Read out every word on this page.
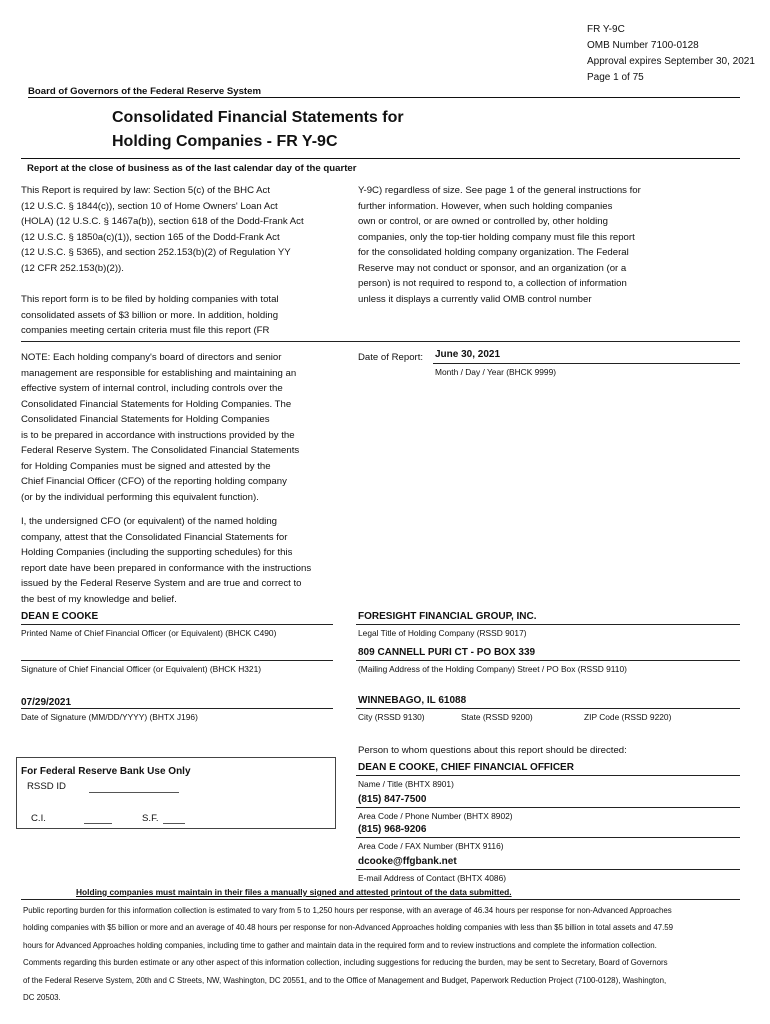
FR Y-9C
OMB Number 7100-0128
Approval expires September 30, 2021
Page 1 of 75
Board of Governors of the Federal Reserve System
Consolidated Financial Statements for
Holding Companies - FR Y-9C
Report at the close of business as of the last calendar day of the quarter
This Report is required by law: Section 5(c) of the BHC Act
(12 U.S.C. § 1844(c)), section 10 of Home Owners' Loan Act
(HOLA) (12 U.S.C. § 1467a(b)), section 618 of the Dodd-Frank Act
(12 U.S.C. § 1850a(c)(1)), section 165 of the Dodd-Frank Act
(12 U.S.C. § 5365), and section 252.153(b)(2) of Regulation YY
(12 CFR 252.153(b)(2)).
This report form is to be filed by holding companies with total
consolidated assets of $3 billion or more. In addition, holding
companies meeting certain criteria must file this report (FR
NOTE: Each holding company's board of directors and senior
management are responsible for establishing and maintaining an
effective system of internal control, including controls over the
Consolidated Financial Statements for Holding Companies. The
Consolidated Financial Statements for Holding Companies
is to be prepared in accordance with instructions provided by the
Federal Reserve System. The Consolidated Financial Statements
for Holding Companies must be signed and attested by the
Chief Financial Officer (CFO) of the reporting holding company
(or by the individual performing this equivalent function).
I, the undersigned CFO (or equivalent) of the named holding
company, attest that the Consolidated Financial Statements for
Holding Companies (including the supporting schedules) for this
report date have been prepared in conformance with the instructions
issued by the Federal Reserve System and are true and correct to
the best of my knowledge and belief.
Y-9C) regardless of size. See page 1 of the general instructions for
further information. However, when such holding companies
own or control, or are owned or controlled by, other holding
companies, only the top-tier holding company must file this report
for the consolidated holding company organization. The Federal
Reserve may not conduct or sponsor, and an organization (or a
person) is not required to respond to, a collection of information
unless it displays a currently valid OMB control number
Date of Report: June 30, 2021
Month / Day / Year (BHCK 9999)
DEAN E COOKE
Printed Name of Chief Financial Officer (or Equivalent) (BHCK C490)
FORESIGHT FINANCIAL GROUP, INC.
Legal Title of Holding Company (RSSD 9017)
809 CANNELL PURI CT - PO BOX 339
(Mailing Address of the Holding Company) Street / PO Box (RSSD 9110)
Signature of Chief Financial Officer (or Equivalent) (BHCK H321)
07/29/2021
Date of Signature (MM/DD/YYYY) (BHTX J196)
WINNEBAGO, IL 61088
City (RSSD 9130)	State (RSSD 9200)	ZIP Code (RSSD 9220)
Person to whom questions about this report should be directed:
DEAN E COOKE, CHIEF FINANCIAL OFFICER
Name / Title (BHTX 8901)
(815) 847-7500
Area Code / Phone Number (BHTX 8902)
(815) 968-9206
Area Code / FAX Number (BHTX 9116)
dcooke@ffgbank.net
E-mail Address of Contact (BHTX 4086)
For Federal Reserve Bank Use Only
RSSD ID
C.I.	S.F.
Holding companies must maintain in their files a manually signed and attested printout of the data submitted.
Public reporting burden for this information collection is estimated to vary from 5 to 1,250 hours per response, with an average of 46.34 hours per response for non-Advanced Approaches
holding companies with $5 billion or more and an average of 40.48 hours per response for non-Advanced Approaches holding companies with less than $5 billion in total assets and 47.59
hours for Advanced Approaches holding companies, including time to gather and maintain data in the required form and to review instructions and complete the information collection.
Comments regarding this burden estimate or any other aspect of this information collection, including suggestions for reducing the burden, may be sent to Secretary, Board of Governors
of the Federal Reserve System, 20th and C Streets, NW, Washington, DC 20551, and to the Office of Management and Budget, Paperwork Reduction Project (7100-0128), Washington,
DC 20503.
